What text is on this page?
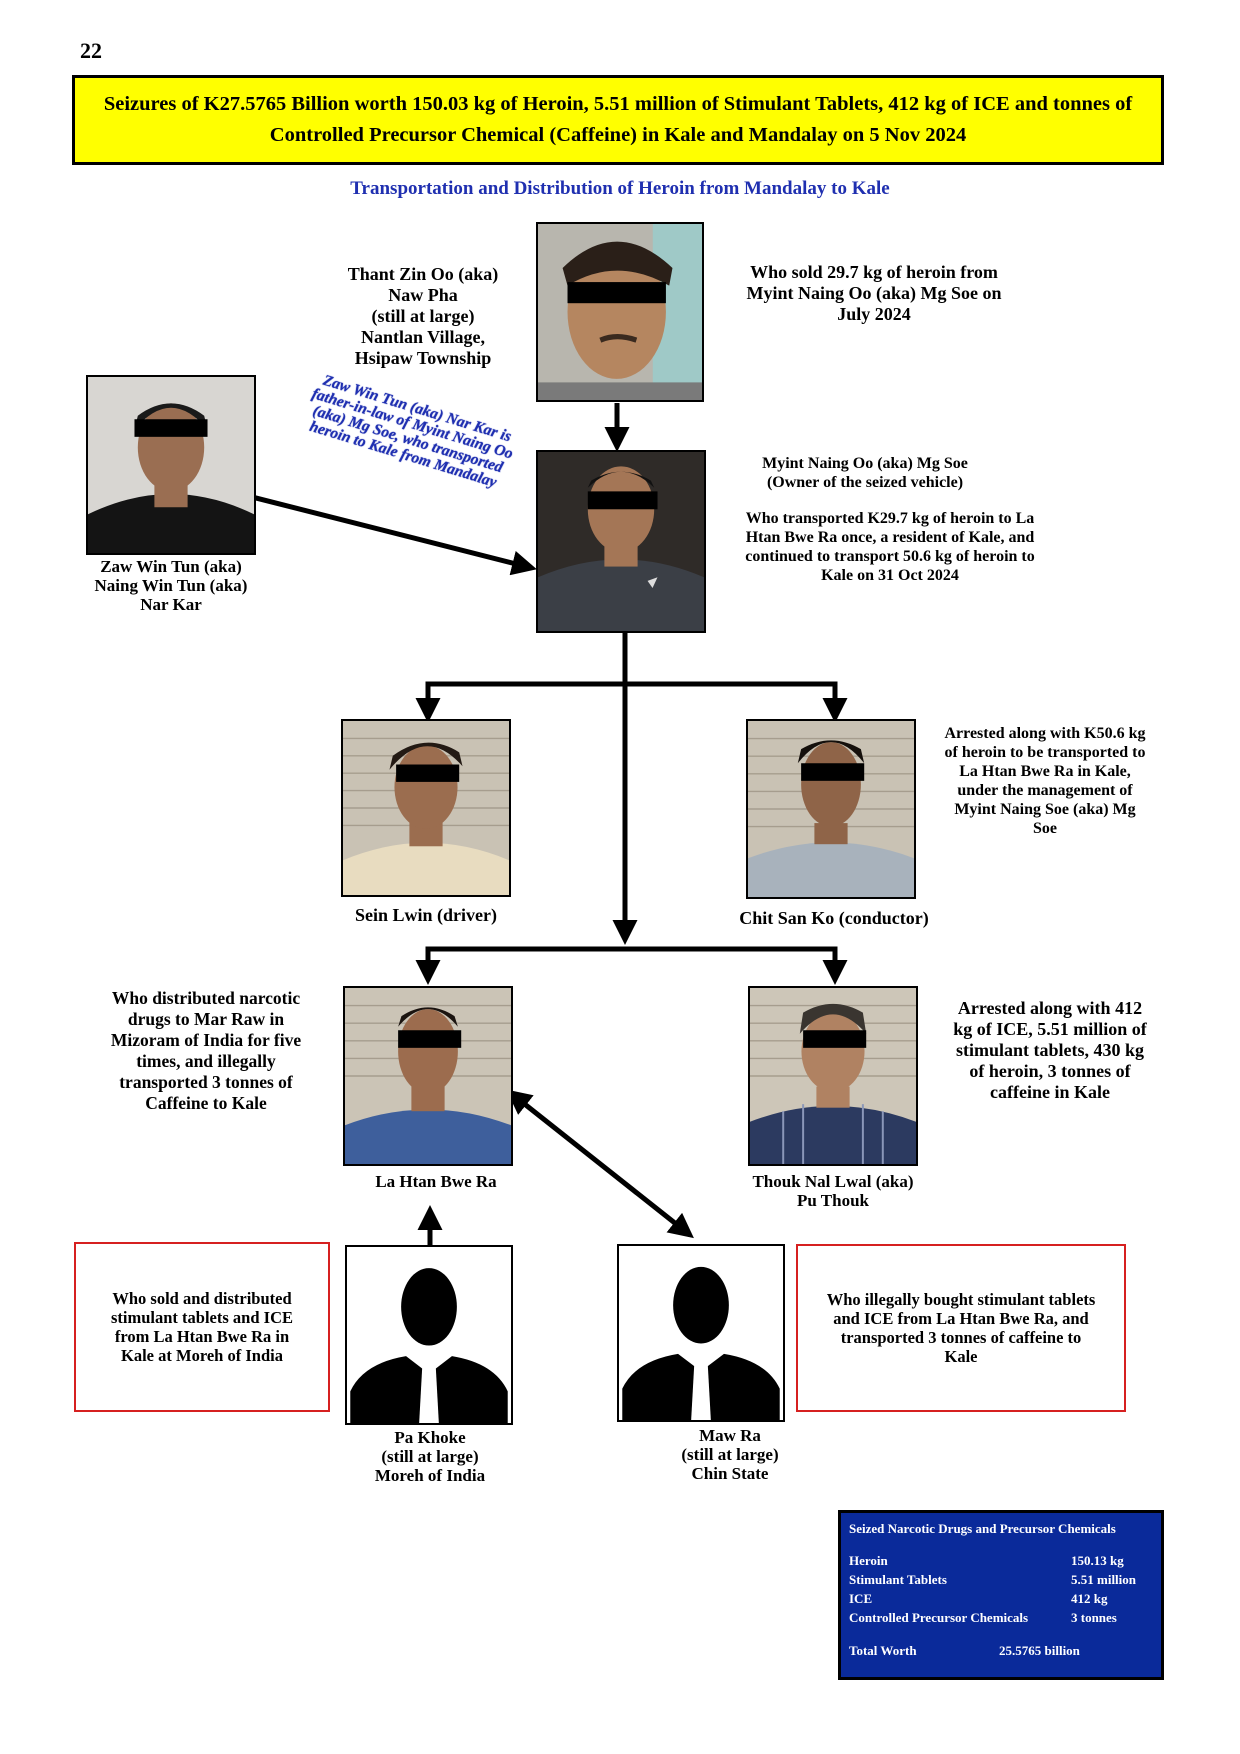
22
Seizures of K27.5765 Billion worth 150.03 kg of Heroin, 5.51 million of Stimulant Tablets, 412 kg of ICE and tonnes of Controlled Precursor Chemical (Caffeine) in Kale and Mandalay on 5 Nov 2024
Transportation and Distribution of Heroin from Mandalay to Kale
Thant Zin Oo (aka)
Naw Pha
(still at large)
Nantlan Village,
Hsipaw Township
Who sold 29.7 kg of heroin from
Myint Naing Oo (aka) Mg Soe on
July 2024
Zaw Win Tun (aka)
Naing Win Tun (aka)
Nar Kar
Zaw Win Tun (aka) Nar Kar is
father-in-law of Myint Naing Oo
(aka) Mg Soe, who transported
heroin to Kale from Mandalay	Myint Naing Oo (aka) Mg Soe
(Owner of the seized vehicle)
Who transported K29.7 kg of heroin to La
Htan Bwe Ra once, a resident of Kale, and
continued to transport 50.6 kg of heroin to
Kale on 31 Oct 2024
Sein Lwin (driver)	Chit San Ko (conductor)
Arrested along with K50.6 kg
of heroin to be transported to
La Htan Bwe Ra in Kale,
under the management of
Myint Naing Soe (aka) Mg
Soe
La Htan Bwe Ra
Who distributed narcotic
drugs to Mar Raw in
Mizoram of India for five
times, and illegally
transported 3 tonnes of
Caffeine to Kale
Thouk Nal Lwal (aka)
Pu Thouk
Arrested along with 412
kg of ICE, 5.51 million of
stimulant tablets, 430 kg
of heroin, 3 tonnes of
caffeine in Kale
Who sold and distributed
stimulant tablets and ICE
from La Htan Bwe Ra in
Kale at Moreh of India
Pa Khoke
(still at large)
Moreh of India
Maw Ra
(still at large)
Chin State
Who illegally bought stimulant tablets
and ICE from La Htan Bwe Ra, and
transported 3 tonnes of caffeine to
Kale
Seized Narcotic Drugs and Precursor Chemicals
Heroin	150.13 kg
Stimulant Tablets	5.51 million
ICE	412 kg
Controlled Precursor Chemicals	3 tonnes
Total Worth	25.5765 billion
